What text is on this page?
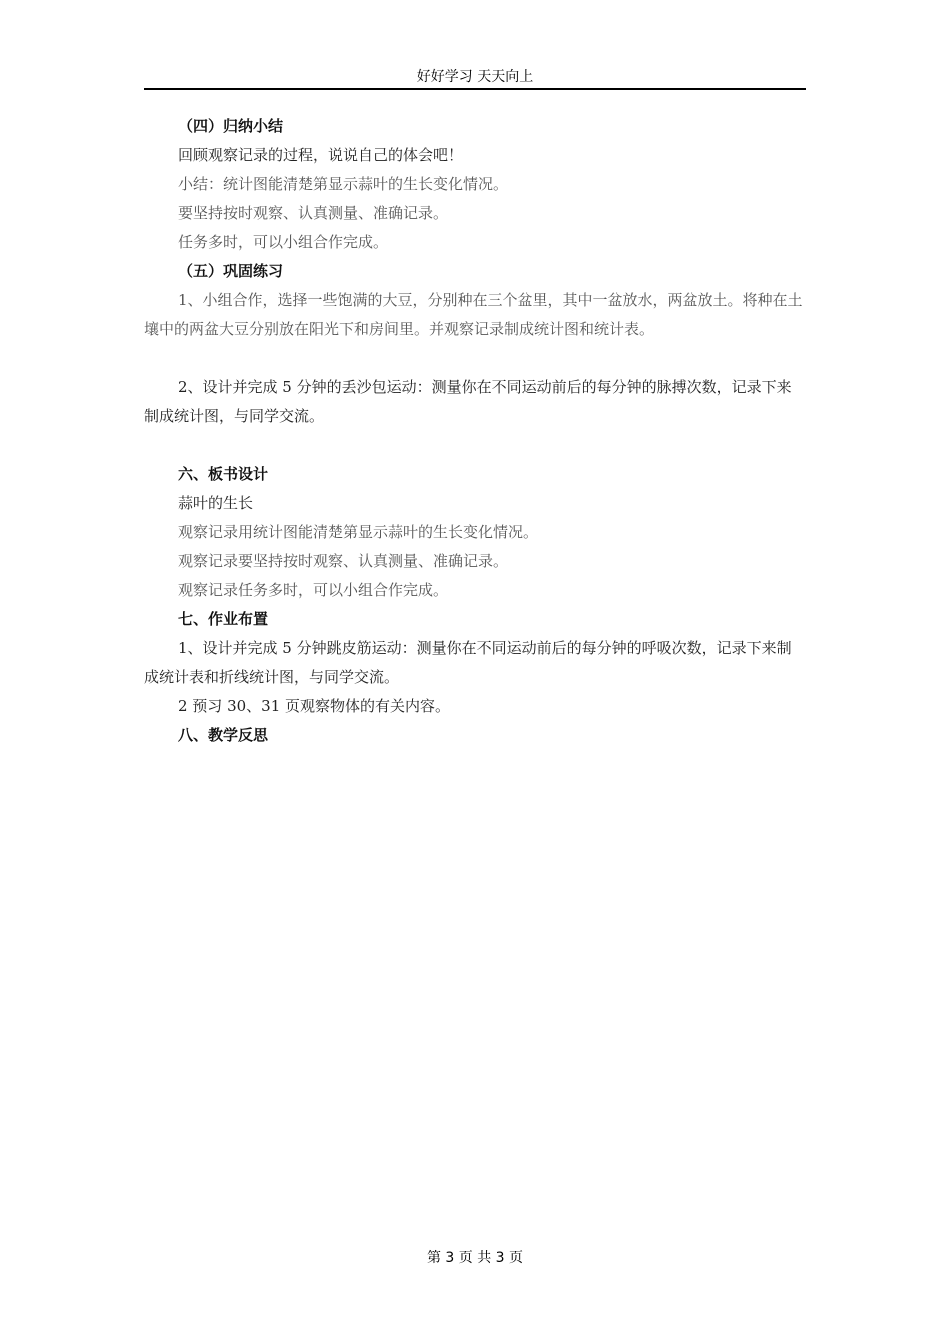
好好学习 天天向上

（四）归纳小结

回顾观察记录的过程，说说自己的体会吧！

小结：统计图能清楚第显示蒜叶的生长变化情况。

要坚持按时观察、认真测量、准确记录。

任务多时，可以小组合作完成。

（五）巩固练习

1、小组合作，选择一些饱满的大豆，分别种在三个盆里，其中一盆放水，两盆放土。将种在土壤中的两盆大豆分别放在阳光下和房间里。并观察记录制成统计图和统计表。

2、设计并完成 5 分钟的丢沙包运动：测量你在不同运动前后的每分钟的脉搏次数，记录下来制成统计图，与同学交流。

六、板书设计

蒜叶的生长

观察记录用统计图能清楚第显示蒜叶的生长变化情况。

观察记录要坚持按时观察、认真测量、准确记录。

观察记录任务多时，可以小组合作完成。

七、作业布置

1、设计并完成 5 分钟跳皮筋运动：测量你在不同运动前后的每分钟的呼吸次数，记录下来制成统计表和折线统计图，与同学交流。

2 预习 30、31 页观察物体的有关内容。

八、教学反思

第 3 页 共 3 页
